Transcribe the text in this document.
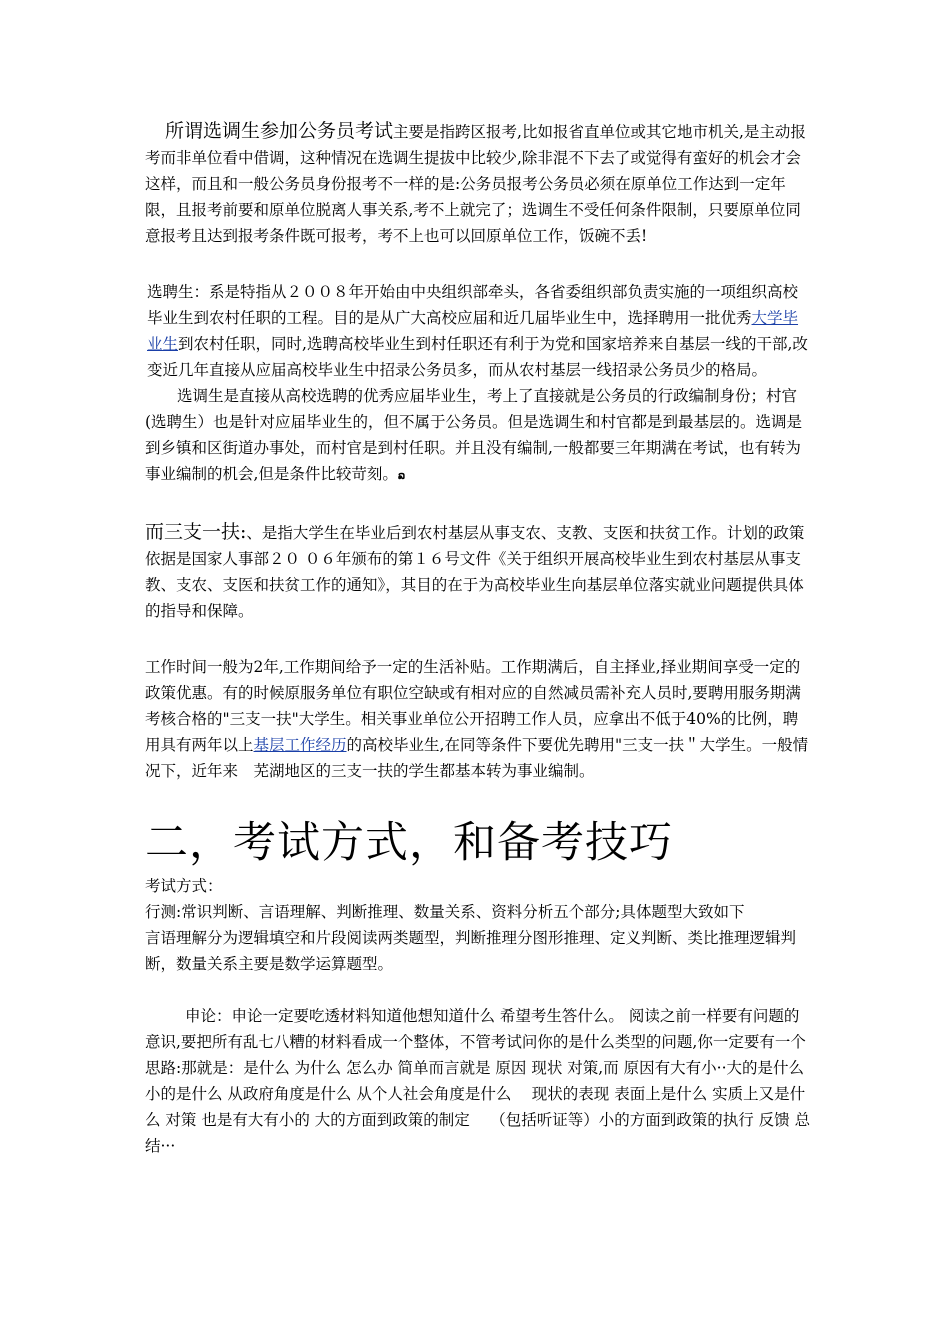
所谓选调生参加公务员考试主要是指跨区报考,比如报省直单位或其它地市机关,是主动报考而非单位看中借调，这种情况在选调生提拔中比较少,除非混不下去了或觉得有蛮好的机会才会这样，而且和一般公务员身份报考不一样的是:公务员报考公务员必须在原单位工作达到一定年限，且报考前要和原单位脱离人事关系,考不上就完了；选调生不受任何条件限制，只要原单位同意报考且达到报考条件既可报考，考不上也可以回原单位工作，饭碗不丢!

选聘生：系是特指从２００８年开始由中央组织部牵头，各省委组织部负责实施的一项组织高校毕业生到农村任职的工程。目的是从广大高校应届和近几届毕业生中，选择聘用一批优秀大学毕业生到农村任职，同时,选聘高校毕业生到村任职还有利于为党和国家培养来自基层一线的干部,改变近几年直接从应届高校毕业生中招录公务员多，而从农村基层一线招录公务员少的格局。

选调生是直接从高校选聘的优秀应届毕业生，考上了直接就是公务员的行政编制身份；村官(选聘生）也是针对应届毕业生的，但不属于公务员。但是选调生和村官都是到最基层的。选调是到乡镇和区街道办事处，而村官是到村任职。并且没有编制,一般都要三年期满在考试，也有转为事业编制的机会,但是条件比较苛刻。ລ

而三支一扶:、是指大学生在毕业后到农村基层从事支农、支教、支医和扶贫工作。计划的政策依据是国家人事部２０ ０６年颁布的第１６号文件《关于组织开展高校毕业生到农村基层从事支教、支农、支医和扶贫工作的通知》，其目的在于为高校毕业生向基层单位落实就业问题提供具体的指导和保障。

工作时间一般为2年,工作期间给予一定的生活补贴。工作期满后，自主择业,择业期间享受一定的政策优惠。有的时候原服务单位有职位空缺或有相对应的自然减员需补充人员时,要聘用服务期满考核合格的"三支一扶"大学生。相关事业单位公开招聘工作人员，应拿出不低于40%的比例，聘用具有两年以上基层工作经历的高校毕业生,在同等条件下要优先聘用"三支一扶＂大学生。一般情况下，近年来　芜湖地区的三支一扶的学生都基本转为事业编制。

二，考试方式，和备考技巧

考试方式：

行测:常识判断、言语理解、判断推理、数量关系、资料分析五个部分;具体题型大致如下

言语理解分为逻辑填空和片段阅读两类题型，判断推理分图形推理、定义判断、类比推理逻辑判断，数量关系主要是数学运算题型。

申论：申论一定要吃透材料知道他想知道什么 希望考生答什么。 阅读之前一样要有问题的意识,要把所有乱七八糟的材料看成一个整体，不管考试问你的是什么类型的问题,你一定要有一个思路:那就是：是什么 为什么 怎么办 简单而言就是 原因 现状 对策,而 原因有大有小··大的是什么 小的是什么 从政府角度是什么 从个人社会角度是什么　 现状的表现 表面上是什么 实质上又是什么 对策 也是有大有小的 大的方面到政策的制定　 （包括听证等）小的方面到政策的执行 反馈 总结···
